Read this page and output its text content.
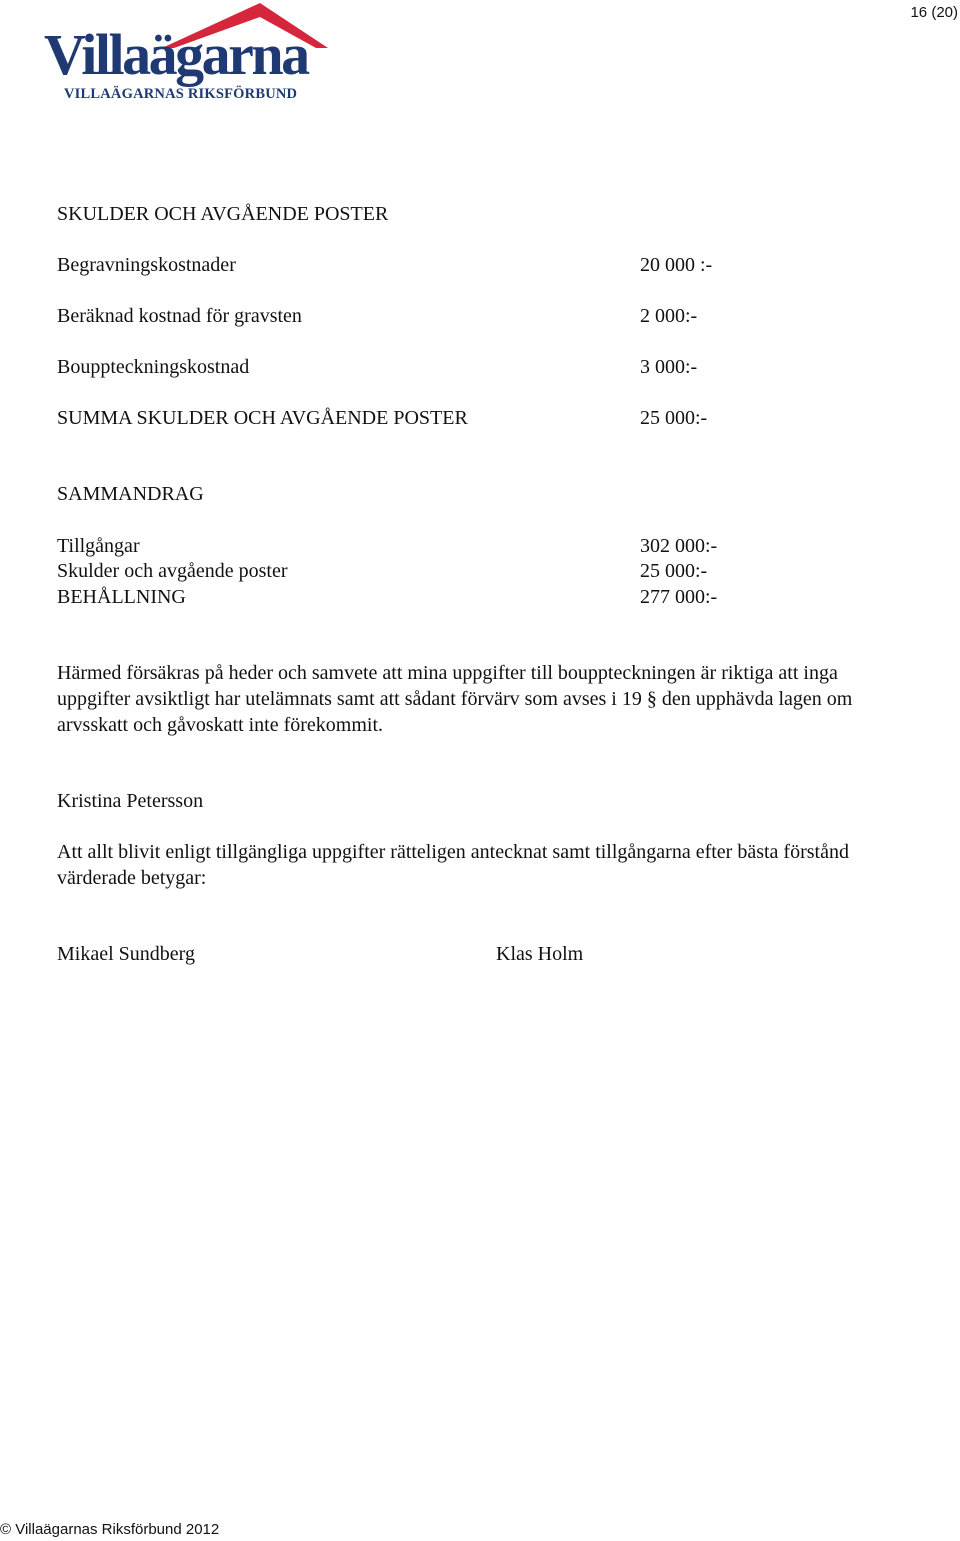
16 (20)
Villaägarna
VILLAÄGARNAS RIKSFÖRBUND
SKULDER OCH AVGÅENDE POSTER
Begravningskostnader	20 000 :-
Beräknad kostnad för gravsten	2 000:-
Bouppteckningskostnad	3 000:-
SUMMA SKULDER OCH AVGÅENDE POSTER	25 000:-
SAMMANDRAG
Tillgångar	302 000:-
Skulder och avgående poster	25 000:-
BEHÅLLNING	277 000:-
Härmed försäkras på heder och samvete att mina uppgifter till bouppteckningen är riktiga att inga uppgifter avsiktligt har utelämnats samt att sådant förvärv som avses i 19 § den upphävda lagen om arvsskatt och gåvoskatt inte förekommit.
Kristina Petersson
Att allt blivit enligt tillgängliga uppgifter rätteligen antecknat samt tillgångarna efter bästa förstånd värderade betygar:
Mikael Sundberg	Klas Holm
© Villaägarnas Riksförbund 2012
